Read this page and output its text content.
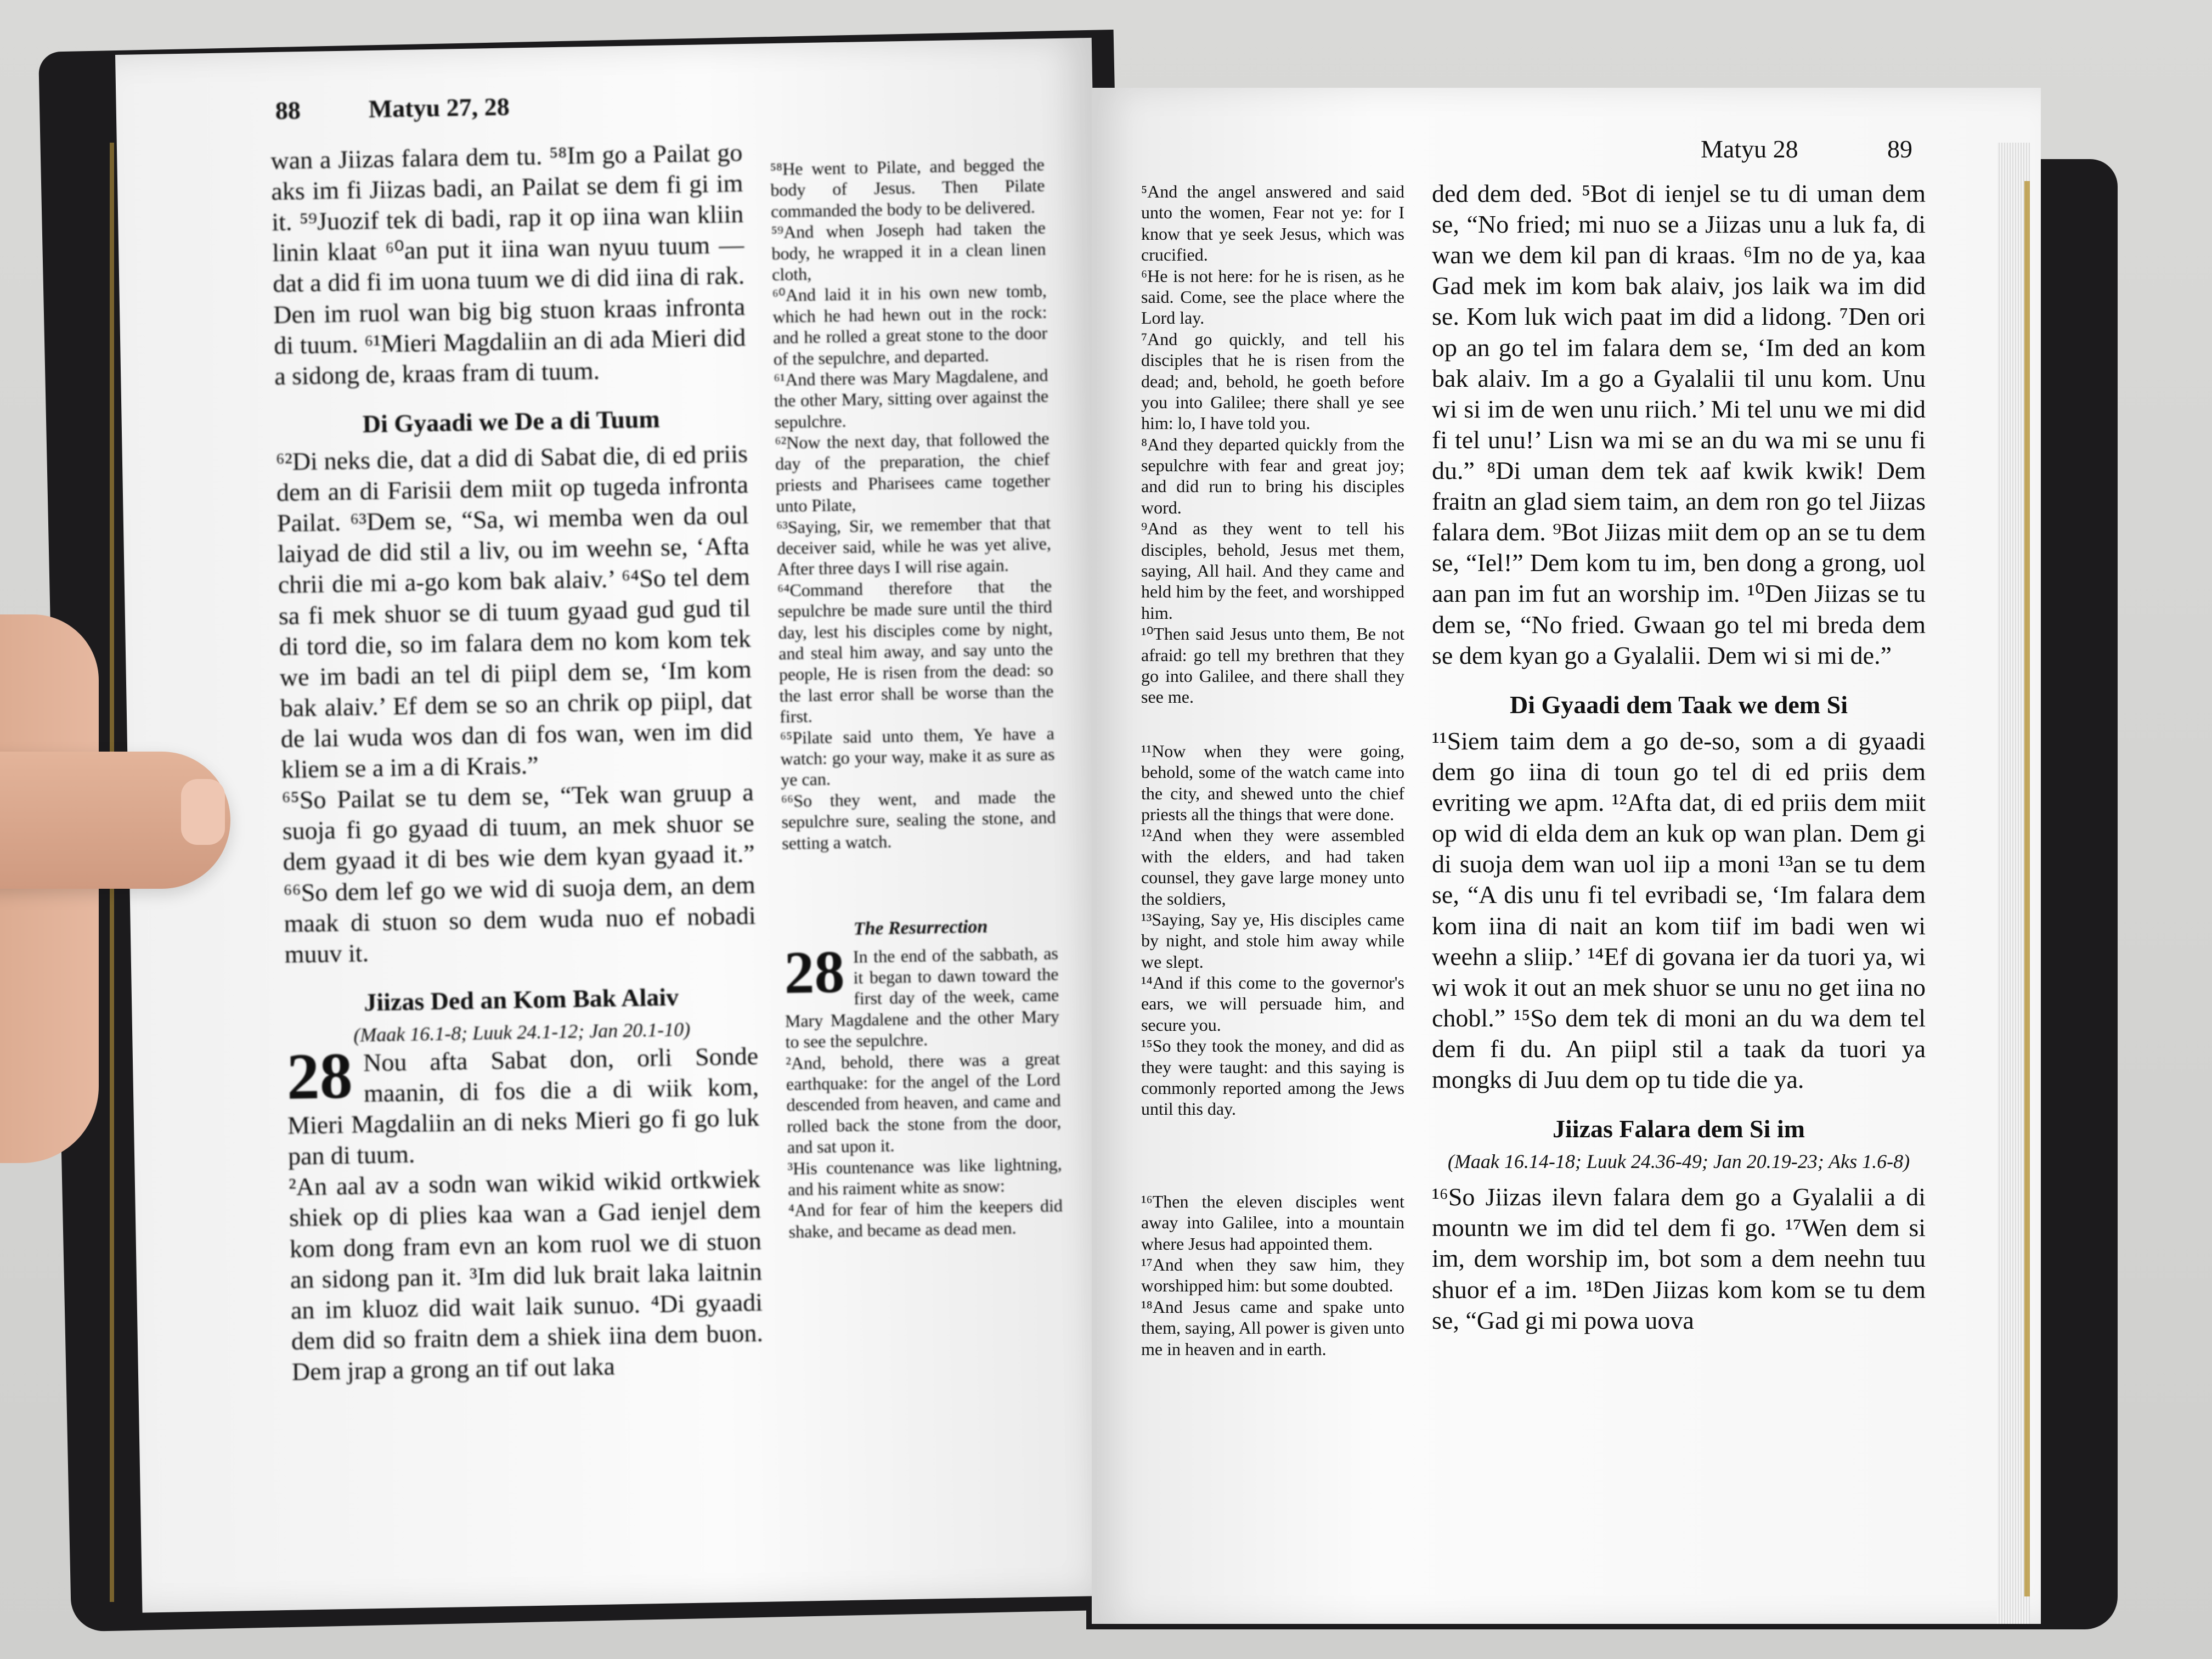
88	Matyu 27, 28

wan a Jiizas falara dem tu. ⁵⁸Im go a Pailat go aks im fi Jiizas badi, an Pailat se dem fi gi im it. ⁵⁹Juozif tek di badi, rap it op iina wan kliin linin klaat ⁶⁰an put it iina wan nyuu tuum — dat a did fi im uona tuum we di did iina di rak. Den im ruol wan big big stuon kraas infronta di tuum. ⁶¹Mieri Magdaliin an di ada Mieri did a sidong de, kraas fram di tuum.

Di Gyaadi we De a di Tuum

⁶²Di neks die, dat a did di Sabat die, di ed priis dem an di Farisii dem miit op tugeda infronta Pailat. ⁶³Dem se, “Sa, wi memba wen da oul laiyad de did stil a liv, ou im weehn se, ‘Afta chrii die mi a-go kom bak alaiv.’ ⁶⁴So tel dem sa fi mek shuor se di tuum gyaad gud gud til di tord die, so im falara dem no kom kom tek we im badi an tel di piipl dem se, ‘Im kom bak alaiv.’ Ef dem se so an chrik op piipl, dat de lai wuda wos dan di fos wan, wen im did kliem se a im a di Krais.”

⁶⁵So Pailat se tu dem se, “Tek wan gruup a suoja fi go gyaad di tuum, an mek shuor se dem gyaad it di bes wie dem kyan gyaad it.” ⁶⁶So dem lef go we wid di suoja dem, an dem maak di stuon so dem wuda nuo ef nobadi muuv it.

Jiizas Ded an Kom Bak Alaiv
(Maak 16.1-8; Luuk 24.1-12; Jan 20.1-10)

28 Nou afta Sabat don, orli Sonde maanin, di fos die a di wiik kom, Mieri Magdaliin an di neks Mieri go fi go luk pan di tuum.

²An aal av a sodn wan wikid wikid ortkwiek shiek op di plies kaa wan a Gad ienjel dem kom dong fram evn an kom ruol we di stuon an sidong pan it. ³Im did luk brait laka laitnin an im kluoz did wait laik sunuo. ⁴Di gyaadi dem did so fraitn dem a shiek iina dem buon. Dem jrap a grong an tif out laka

⁵⁸He went to Pilate, and begged the body of Jesus. Then Pilate commanded the body to be delivered.

⁵⁹And when Joseph had taken the body, he wrapped it in a clean linen cloth,

⁶⁰And laid it in his own new tomb, which he had hewn out in the rock: and he rolled a great stone to the door of the sepulchre, and departed.

⁶¹And there was Mary Magdalene, and the other Mary, sitting over against the sepulchre.

⁶²Now the next day, that followed the day of the preparation, the chief priests and Pharisees came together unto Pilate,

⁶³Saying, Sir, we remember that that deceiver said, while he was yet alive, After three days I will rise again.

⁶⁴Command therefore that the sepulchre be made sure until the third day, lest his disciples come by night, and steal him away, and say unto the people, He is risen from the dead: so the last error shall be worse than the first.

⁶⁵Pilate said unto them, Ye have a watch: go your way, make it as sure as ye can.

⁶⁶So they went, and made the sepulchre sure, sealing the stone, and setting a watch.

The Resurrection

28 In the end of the sabbath, as it began to dawn toward the first day of the week, came Mary Magdalene and the other Mary to see the sepulchre.

²And, behold, there was a great earthquake: for the angel of the Lord descended from heaven, and came and rolled back the stone from the door, and sat upon it.

³His countenance was like lightning, and his raiment white as snow:

⁴And for fear of him the keepers did shake, and became as dead men.

Matyu 28	89

⁵And the angel answered and said unto the women, Fear not ye: for I know that ye seek Jesus, which was crucified.

⁶He is not here: for he is risen, as he said. Come, see the place where the Lord lay.

⁷And go quickly, and tell his disciples that he is risen from the dead; and, behold, he goeth before you into Galilee; there shall ye see him: lo, I have told you.

⁸And they departed quickly from the sepulchre with fear and great joy; and did run to bring his disciples word.

⁹And as they went to tell his disciples, behold, Jesus met them, saying, All hail. And they came and held him by the feet, and worshipped him.

¹⁰Then said Jesus unto them, Be not afraid: go tell my brethren that they go into Galilee, and there shall they see me.

¹¹Now when they were going, behold, some of the watch came into the city, and shewed unto the chief priests all the things that were done.

¹²And when they were assembled with the elders, and had taken counsel, they gave large money unto the soldiers,

¹³Saying, Say ye, His disciples came by night, and stole him away while we slept.

¹⁴And if this come to the governor's ears, we will persuade him, and secure you.

¹⁵So they took the money, and did as they were taught: and this saying is commonly reported among the Jews until this day.

¹⁶Then the eleven disciples went away into Galilee, into a mountain where Jesus had appointed them.

¹⁷And when they saw him, they worshipped him: but some doubted.

¹⁸And Jesus came and spake unto them, saying, All power is given unto me in heaven and in earth.

ded dem ded. ⁵Bot di ienjel se tu di uman dem se, “No fried; mi nuo se a Jiizas unu a luk fa, di wan we dem kil pan di kraas. ⁶Im no de ya, kaa Gad mek im kom bak alaiv, jos laik wa im did se. Kom luk wich paat im did a lidong. ⁷Den ori op an go tel im falara dem se, ‘Im ded an kom bak alaiv. Im a go a Gyalalii til unu kom. Unu wi si im de wen unu riich.’ Mi tel unu we mi did fi tel unu!’ Lisn wa mi se an du wa mi se unu fi du.” ⁸Di uman dem tek aaf kwik kwik! Dem fraitn an glad siem taim, an dem ron go tel Jiizas falara dem. ⁹Bot Jiizas miit dem op an se tu dem se, “Iel!” Dem kom tu im, ben dong a grong, uol aan pan im fut an worship im. ¹⁰Den Jiizas se tu dem se, “No fried. Gwaan go tel mi breda dem se dem kyan go a Gyalalii. Dem wi si mi de.”

Di Gyaadi dem Taak we dem Si

¹¹Siem taim dem a go de-so, som a di gyaadi dem go iina di toun go tel di ed priis dem evriting we apm. ¹²Afta dat, di ed priis dem miit op wid di elda dem an kuk op wan plan. Dem gi di suoja dem wan uol iip a moni ¹³an se tu dem se, “A dis unu fi tel evribadi se, ‘Im falara dem kom iina di nait an kom tiif im badi wen wi weehn a sliip.’ ¹⁴Ef di govana ier da tuori ya, wi wi wok it out an mek shuor se unu no get iina no chobl.” ¹⁵So dem tek di moni an du wa dem tel dem fi du. An piipl stil a taak da tuori ya mongks di Juu dem op tu tide die ya.

Jiizas Falara dem Si im
(Maak 16.14-18; Luuk 24.36-49; Jan 20.19-23; Aks 1.6-8)

¹⁶So Jiizas ilevn falara dem go a Gyalalii a di mountn we im did tel dem fi go. ¹⁷Wen dem si im, dem worship im, bot som a dem neehn tuu shuor ef a im. ¹⁸Den Jiizas kom kom se tu dem se, “Gad gi mi powa uova
